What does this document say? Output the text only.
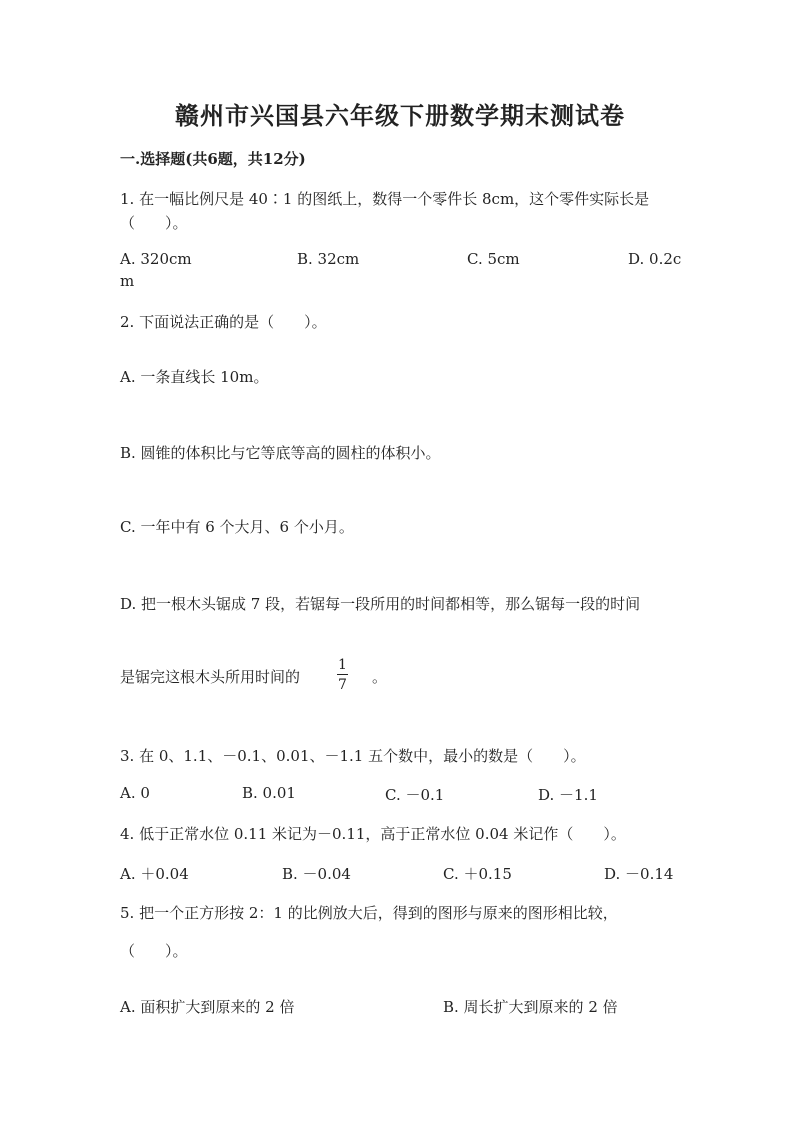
赣州市兴国县六年级下册数学期末测试卷
一.选择题(共6题，共12分)
1. 在一幅比例尺是 40∶1 的图纸上，数得一个零件长 8cm，这个零件实际长是
（　　）。
A. 320cm	B. 32cm	C. 5cm	D. 0.2c
m
2. 下面说法正确的是（　　）。
A. 一条直线长 10m。
B. 圆锥的体积比与它等底等高的圆柱的体积小。
C. 一年中有 6 个大月、6 个小月。
D. 把一根木头锯成 7 段，若锯每一段所用的时间都相等，那么锯每一段的时间
是锯完这根木头所用时间的	$\frac{1}{7}$ 。
3. 在 0、1.1、－0.1、0.01、－1.1 五个数中，最小的数是（　　）。
A. 0	B. 0.01	C. －0.1	D. －1.1
4. 低于正常水位 0.11 米记为－0.11，高于正常水位 0.04 米记作（　　）。
A. ＋0.04	B. －0.04	C. ＋0.15	D. －0.14
5. 把一个正方形按 2：1 的比例放大后，得到的图形与原来的图形相比较，
（　　）。
A. 面积扩大到原来的 2 倍	B. 周长扩大到原来的 2 倍
